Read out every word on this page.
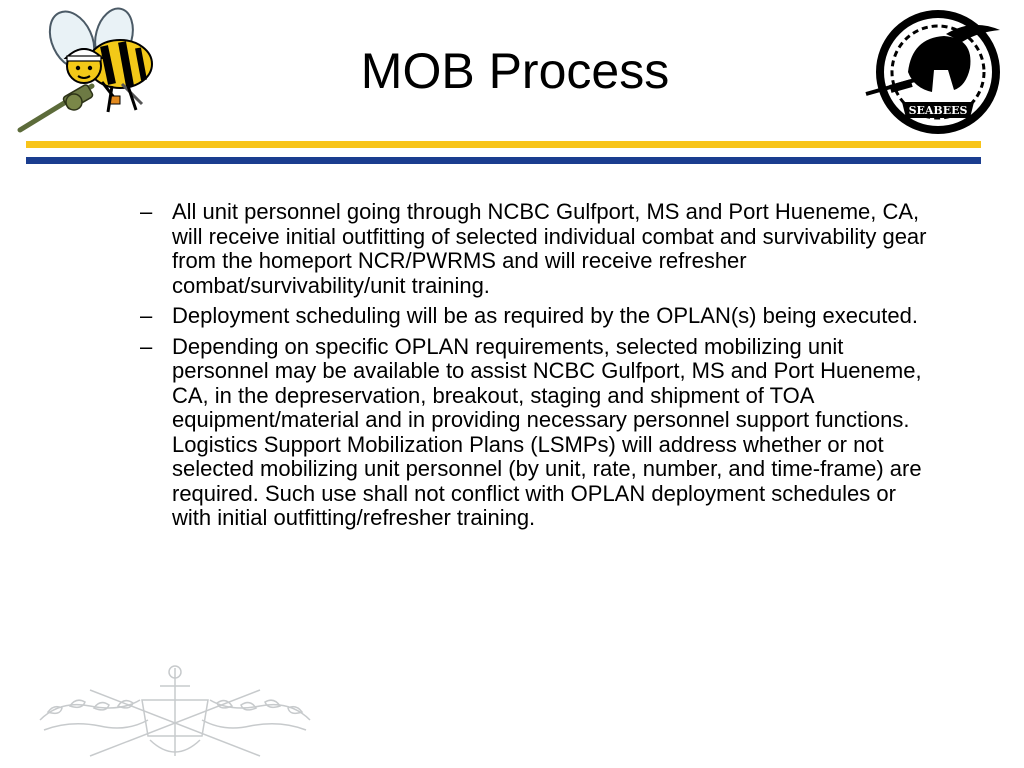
MOB Process
SEABEES
– All unit personnel going through NCBC Gulfport, MS and Port Hueneme, CA, will receive initial outfitting of selected individual combat and survivability gear from the homeport NCR/PWRMS and will receive refresher combat/survivability/unit training.
– Deployment scheduling will be as required by the OPLAN(s) being executed.
– Depending on specific OPLAN requirements, selected mobilizing unit personnel may be available to assist NCBC Gulfport, MS and Port Hueneme, CA, in the depreservation, breakout, staging and shipment of TOA equipment/material and in providing necessary personnel support functions. Logistics Support Mobilization Plans (LSMPs) will address whether or not selected mobilizing unit personnel (by unit, rate, number, and time-frame) are required. Such use shall not conflict with OPLAN deployment schedules or with initial outfitting/refresher training.
